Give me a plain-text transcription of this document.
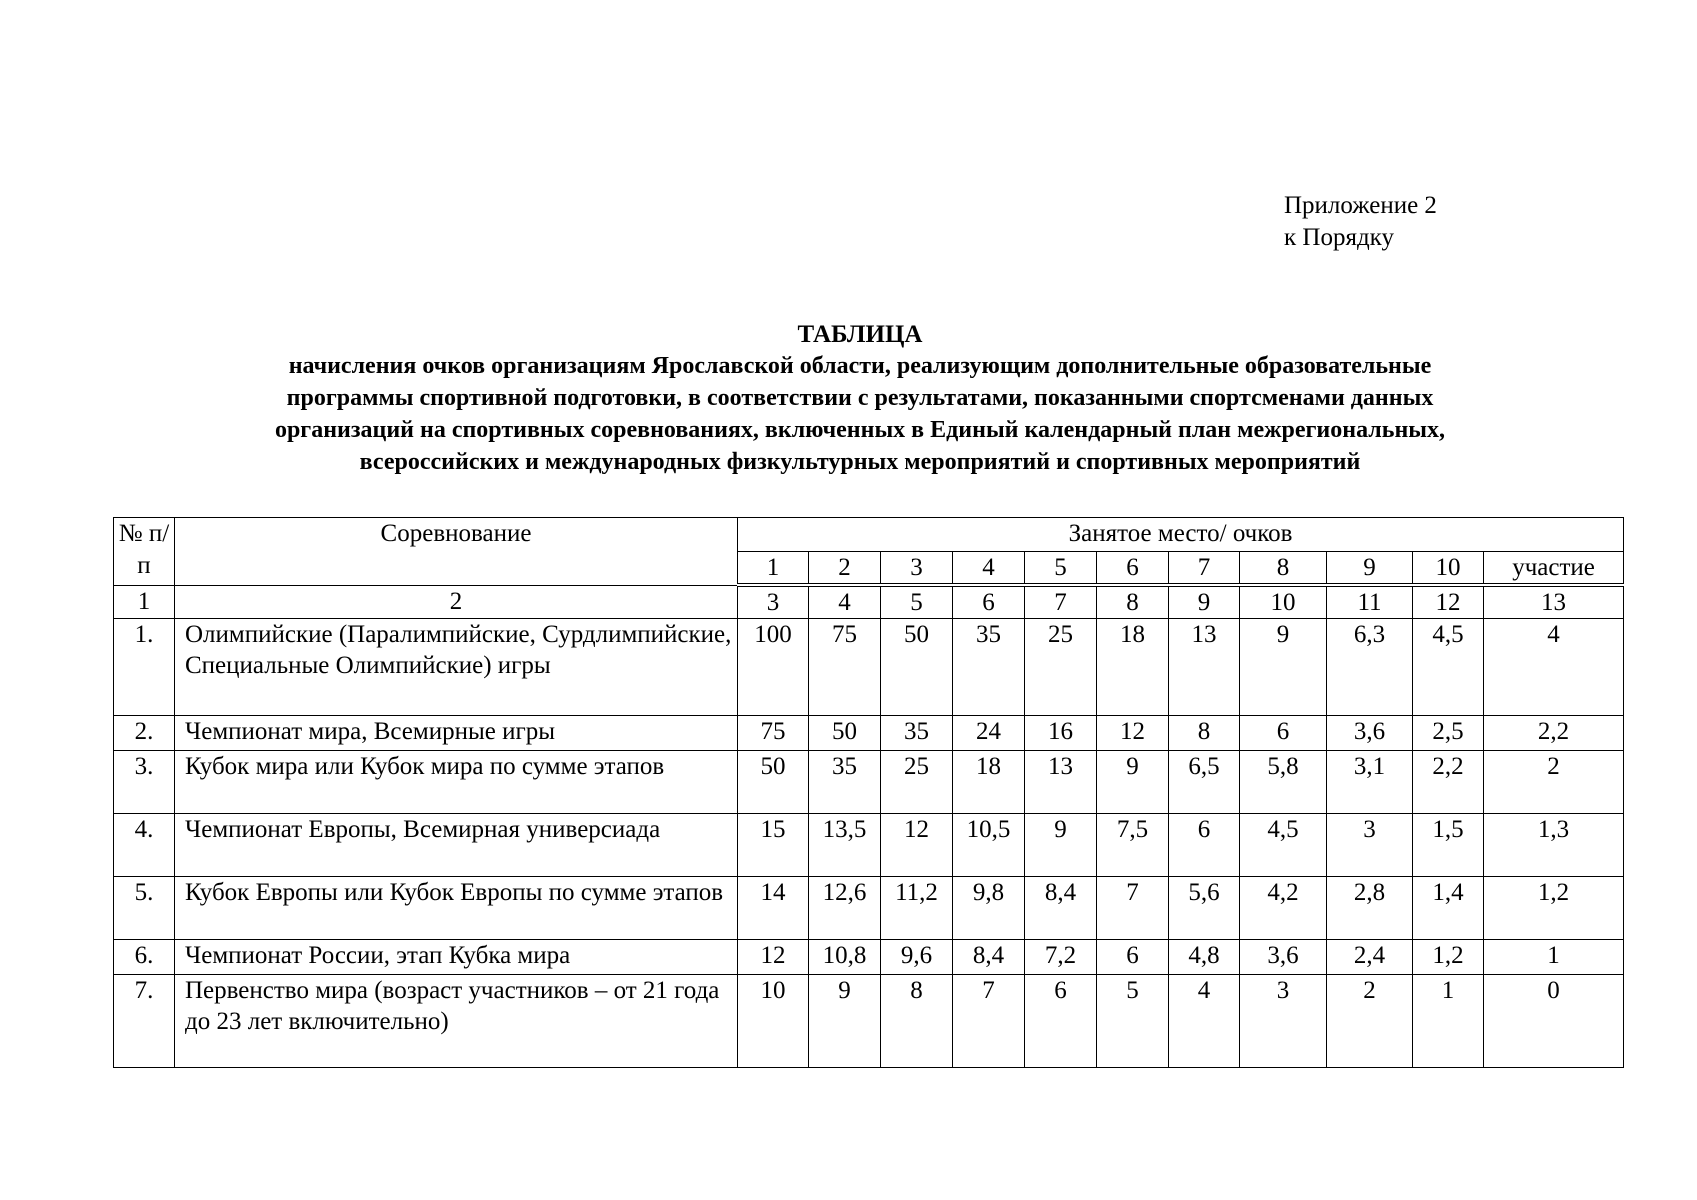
Приложение 2
к Порядку
ТАБЛИЦА
начисления очков организациям Ярославской области, реализующим дополнительные образовательные
программы спортивной подготовки, в соответствии с результатами, показанными спортсменами данных
организаций на спортивных соревнованиях, включенных в Единый календарный план межрегиональных,
всероссийских и международных физкультурных мероприятий и спортивных мероприятий
№ п/п	Соревнование	Занятое место/ очков										
		1	2	3	4	5	6	7	8	9	10	участие
1	2	3	4	5	6	7	8	9	10	11	12	13
1.	Олимпийские (Паралимпийские, Сурдлимпийские, Специальные Олимпийские) игры	100	75	50	35	25	18	13	9	6,3	4,5	4
2.	Чемпионат мира, Всемирные игры	75	50	35	24	16	12	8	6	3,6	2,5	2,2
3.	Кубок мира или Кубок мира по сумме этапов	50	35	25	18	13	9	6,5	5,8	3,1	2,2	2
4.	Чемпионат Европы, Всемирная универсиада	15	13,5	12	10,5	9	7,5	6	4,5	3	1,5	1,3
5.	Кубок Европы или Кубок Европы по сумме этапов	14	12,6	11,2	9,8	8,4	7	5,6	4,2	2,8	1,4	1,2
6.	Чемпионат России, этап Кубка мира	12	10,8	9,6	8,4	7,2	6	4,8	3,6	2,4	1,2	1
7.	Первенство мира (возраст участников – от 21 года до 23 лет включительно)	10	9	8	7	6	5	4	3	2	1	0
